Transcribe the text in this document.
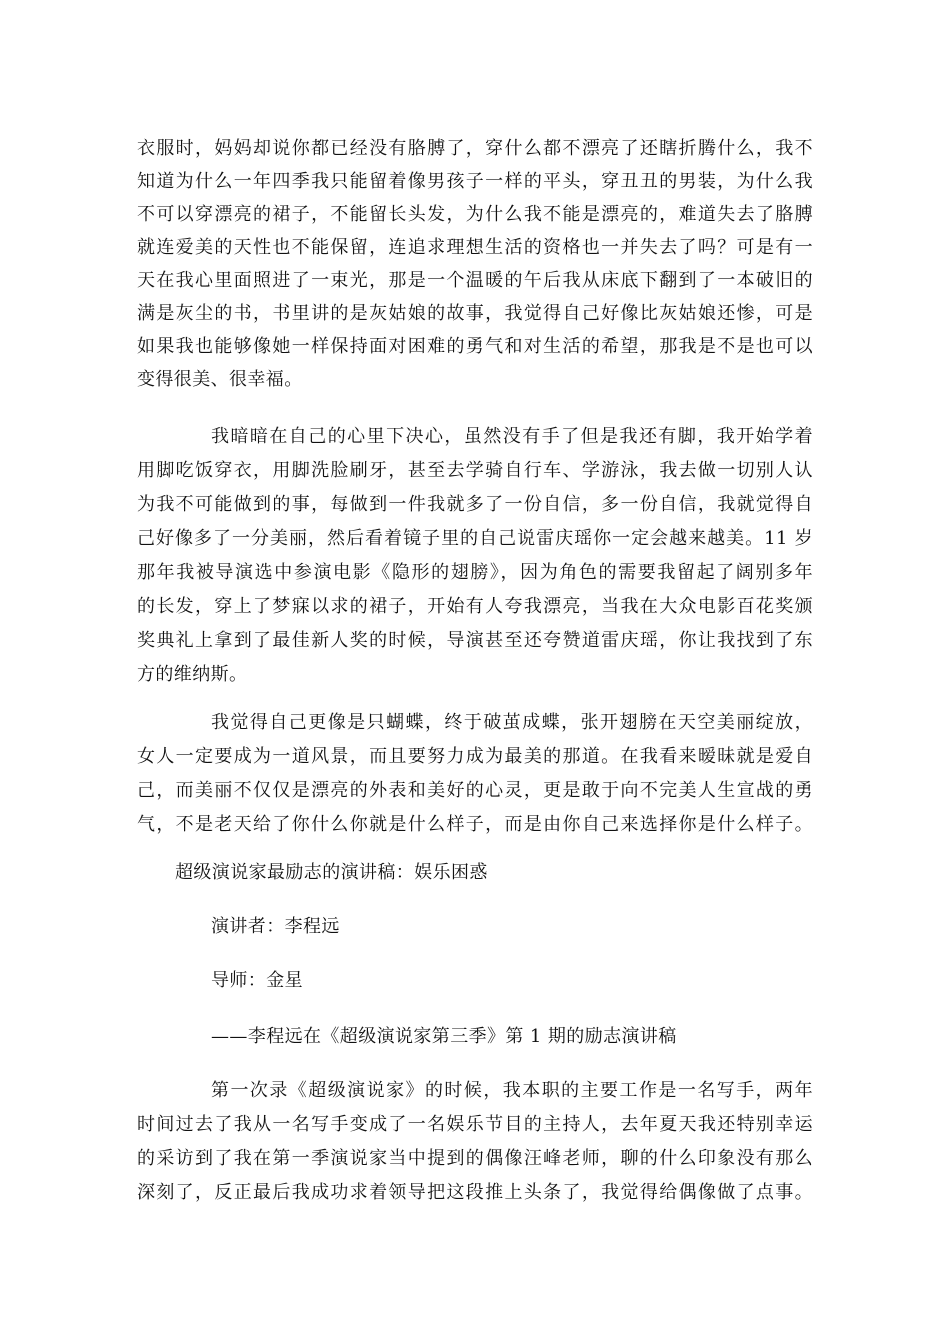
衣服时，妈妈却说你都已经没有胳膊了，穿什么都不漂亮了还瞎折腾什么，我不
知道为什么一年四季我只能留着像男孩子一样的平头，穿丑丑的男装，为什么我
不可以穿漂亮的裙子，不能留长头发，为什么我不能是漂亮的，难道失去了胳膊
就连爱美的天性也不能保留，连追求理想生活的资格也一并失去了吗？可是有一
天在我心里面照进了一束光，那是一个温暖的午后我从床底下翻到了一本破旧的
满是灰尘的书，书里讲的是灰姑娘的故事，我觉得自己好像比灰姑娘还惨，可是
如果我也能够像她一样保持面对困难的勇气和对生活的希望，那我是不是也可以
变得很美、很幸福。
我暗暗在自己的心里下决心，虽然没有手了但是我还有脚，我开始学着
用脚吃饭穿衣，用脚洗脸刷牙，甚至去学骑自行车、学游泳，我去做一切别人认
为我不可能做到的事，每做到一件我就多了一份自信，多一份自信，我就觉得自
己好像多了一分美丽，然后看着镜子里的自己说雷庆瑶你一定会越来越美。11 岁
那年我被导演选中参演电影《隐形的翅膀》，因为角色的需要我留起了阔别多年
的长发，穿上了梦寐以求的裙子，开始有人夸我漂亮，当我在大众电影百花奖颁
奖典礼上拿到了最佳新人奖的时候，导演甚至还夸赞道雷庆瑶，你让我找到了东
方的维纳斯。
我觉得自己更像是只蝴蝶，终于破茧成蝶，张开翅膀在天空美丽绽放，
女人一定要成为一道风景，而且要努力成为最美的那道。在我看来暧昧就是爱自
己，而美丽不仅仅是漂亮的外表和美好的心灵，更是敢于向不完美人生宣战的勇
气，不是老天给了你什么你就是什么样子，而是由你自己来选择你是什么样子。
超级演说家最励志的演讲稿：娱乐困惑
演讲者：李程远
导师：金星
——李程远在《超级演说家第三季》第 1 期的励志演讲稿
第一次录《超级演说家》的时候，我本职的主要工作是一名写手，两年
时间过去了我从一名写手变成了一名娱乐节目的主持人，去年夏天我还特别幸运
的采访到了我在第一季演说家当中提到的偶像汪峰老师，聊的什么印象没有那么
深刻了，反正最后我成功求着领导把这段推上头条了，我觉得给偶像做了点事。
